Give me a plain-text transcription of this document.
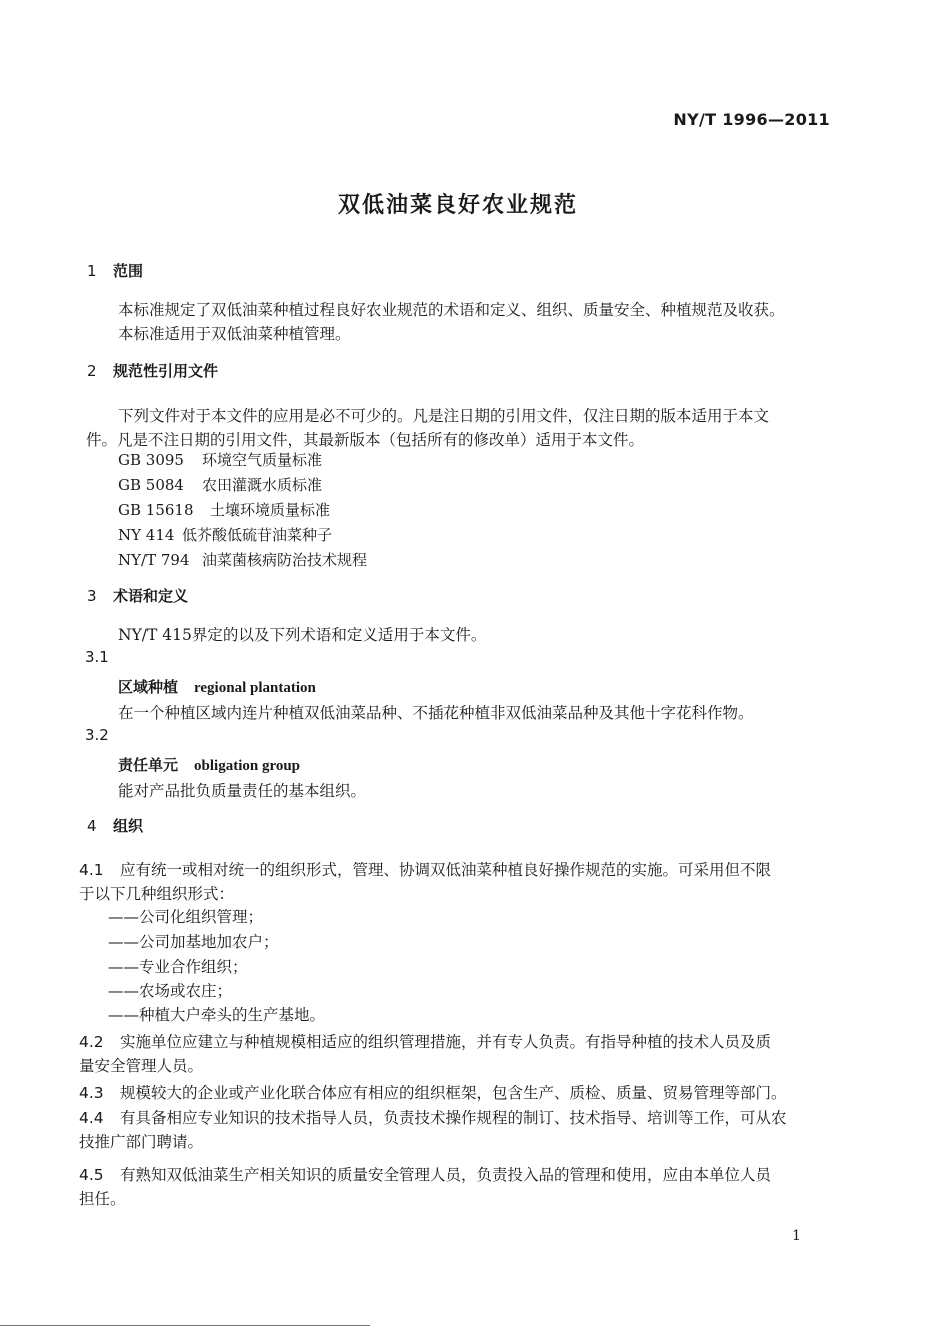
NY/T 1996—2011
双低油菜良好农业规范
1 范围
本标准规定了双低油菜种植过程良好农业规范的术语和定义、组织、质量安全、种植规范及收获。
本标准适用于双低油菜种植管理。
2 规范性引用文件
下列文件对于本文件的应用是必不可少的。凡是注日期的引用文件，仅注日期的版本适用于本文
件。凡是不注日期的引用文件，其最新版本（包括所有的修改单）适用于本文件。
GB 3095 环境空气质量标准
GB 5084 农田灌溉水质标准
GB 15618 土壤环境质量标准
NY 414 低芥酸低硫苷油菜种子
NY/T 794 油菜菌核病防治技术规程
3 术语和定义
NY/T 415界定的以及下列术语和定义适用于本文件。
3.1
区域种植 regional plantation
在一个种植区域内连片种植双低油菜品种、不插花种植非双低油菜品种及其他十字花科作物。
3.2
责任单元 obligation group
能对产品批负质量责任的基本组织。
4 组织
4.1 应有统一或相对统一的组织形式，管理、协调双低油菜种植良好操作规范的实施。可采用但不限
于以下几种组织形式：
——公司化组织管理；
——公司加基地加农户；
——专业合作组织；
——农场或农庄；
——种植大户牵头的生产基地。
4.2 实施单位应建立与种植规模相适应的组织管理措施，并有专人负责。有指导种植的技术人员及质
量安全管理人员。
4.3 规模较大的企业或产业化联合体应有相应的组织框架，包含生产、质检、质量、贸易管理等部门。
4.4 有具备相应专业知识的技术指导人员，负责技术操作规程的制订、技术指导、培训等工作，可从农
技推广部门聘请。
4.5 有熟知双低油菜生产相关知识的质量安全管理人员，负责投入品的管理和使用，应由本单位人员
担任。
1
